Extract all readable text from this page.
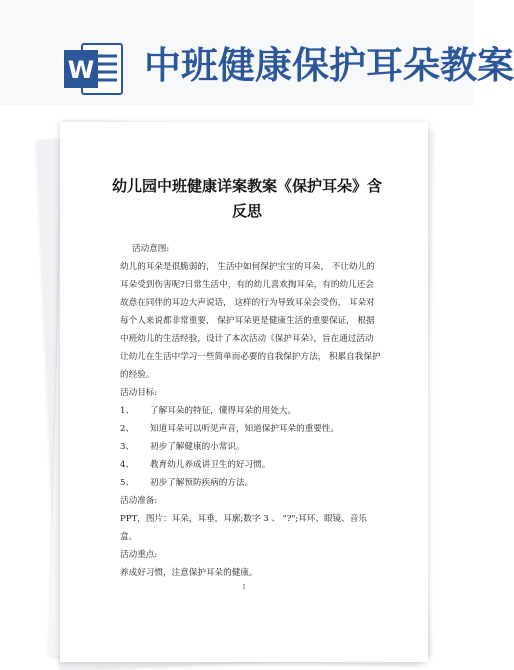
W 中班健康保护耳朵教案
幼儿园中班健康详案教案《保护耳朵》含反思
活动意图:
幼儿的耳朵是很脆弱的， 生活中如何保护宝宝的耳朵， 不让幼儿的耳朵受到伤害呢?日常生活中，有的幼儿喜欢掏耳朵，有的幼儿还会故意在同伴的耳边大声说话， 这样的行为导致耳朵会受伤， 耳朵对每个人来说都非常重要， 保护耳朵更是健康生活的重要保证， 根据中班幼儿的生活经验，设计了本次活动《保护耳朵》，旨在通过活动让幼儿在生活中学习一些简单而必要的自我保护方法， 积累自我保护的经验。
活动目标:
1、	了解耳朵的特征，懂得耳朵的用处大。
2、	知道耳朵可以听见声音，知道保护耳朵的重要性。
3、	初步了解健康的小常识。
4、	教育幼儿养成讲卫生的好习惯。
5、	初步了解预防疾病的方法。
活动准备:
PPT，图片：耳朵，耳垂，耳廓;数字 3 、 "?";耳环、眼镜、音乐盒。
活动重点:
养成好习惯，注意保护耳朵的健康。
1
